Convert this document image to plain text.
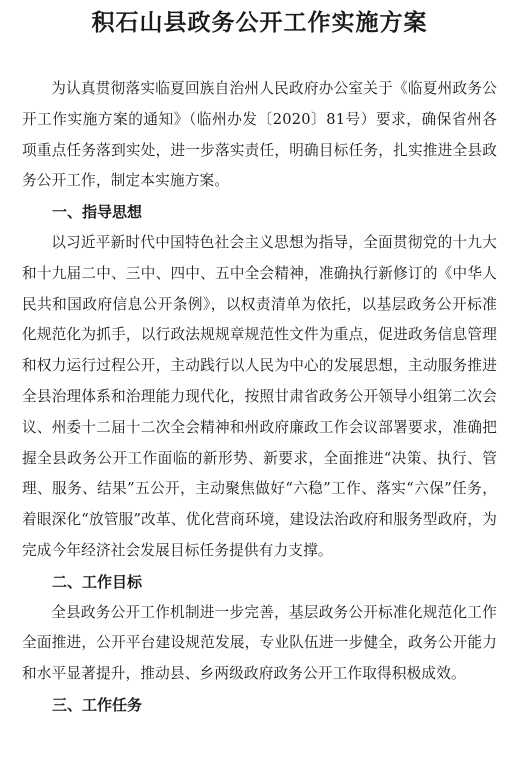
积石山县政务公开工作实施方案

为认真贯彻落实临夏回族自治州人民政府办公室关于《临夏州政务公开工作实施方案的通知》（临州办发〔2020〕81号）要求，确保省州各项重点任务落到实处，进一步落实责任，明确目标任务，扎实推进全县政务公开工作，制定本实施方案。

一、指导思想

以习近平新时代中国特色社会主义思想为指导，全面贯彻党的十九大和十九届二中、三中、四中、五中全会精神，准确执行新修订的《中华人民共和国政府信息公开条例》，以权责清单为依托，以基层政务公开标准化规范化为抓手，以行政法规规章规范性文件为重点，促进政务信息管理和权力运行过程公开，主动践行以人民为中心的发展思想，主动服务推进全县治理体系和治理能力现代化，按照甘肃省政务公开领导小组第二次会议、州委十二届十二次全会精神和州政府廉政工作会议部署要求，准确把握全县政务公开工作面临的新形势、新要求，全面推进“决策、执行、管理、服务、结果”五公开，主动聚焦做好“六稳”工作、落实“六保”任务，着眼深化“放管服”改革、优化营商环境，建设法治政府和服务型政府，为完成今年经济社会发展目标任务提供有力支撑。

二、工作目标

全县政务公开工作机制进一步完善，基层政务公开标准化规范化工作全面推进，公开平台建设规范发展，专业队伍进一步健全，政务公开能力和水平显著提升，推动县、乡两级政府政务公开工作取得积极成效。

三、工作任务
